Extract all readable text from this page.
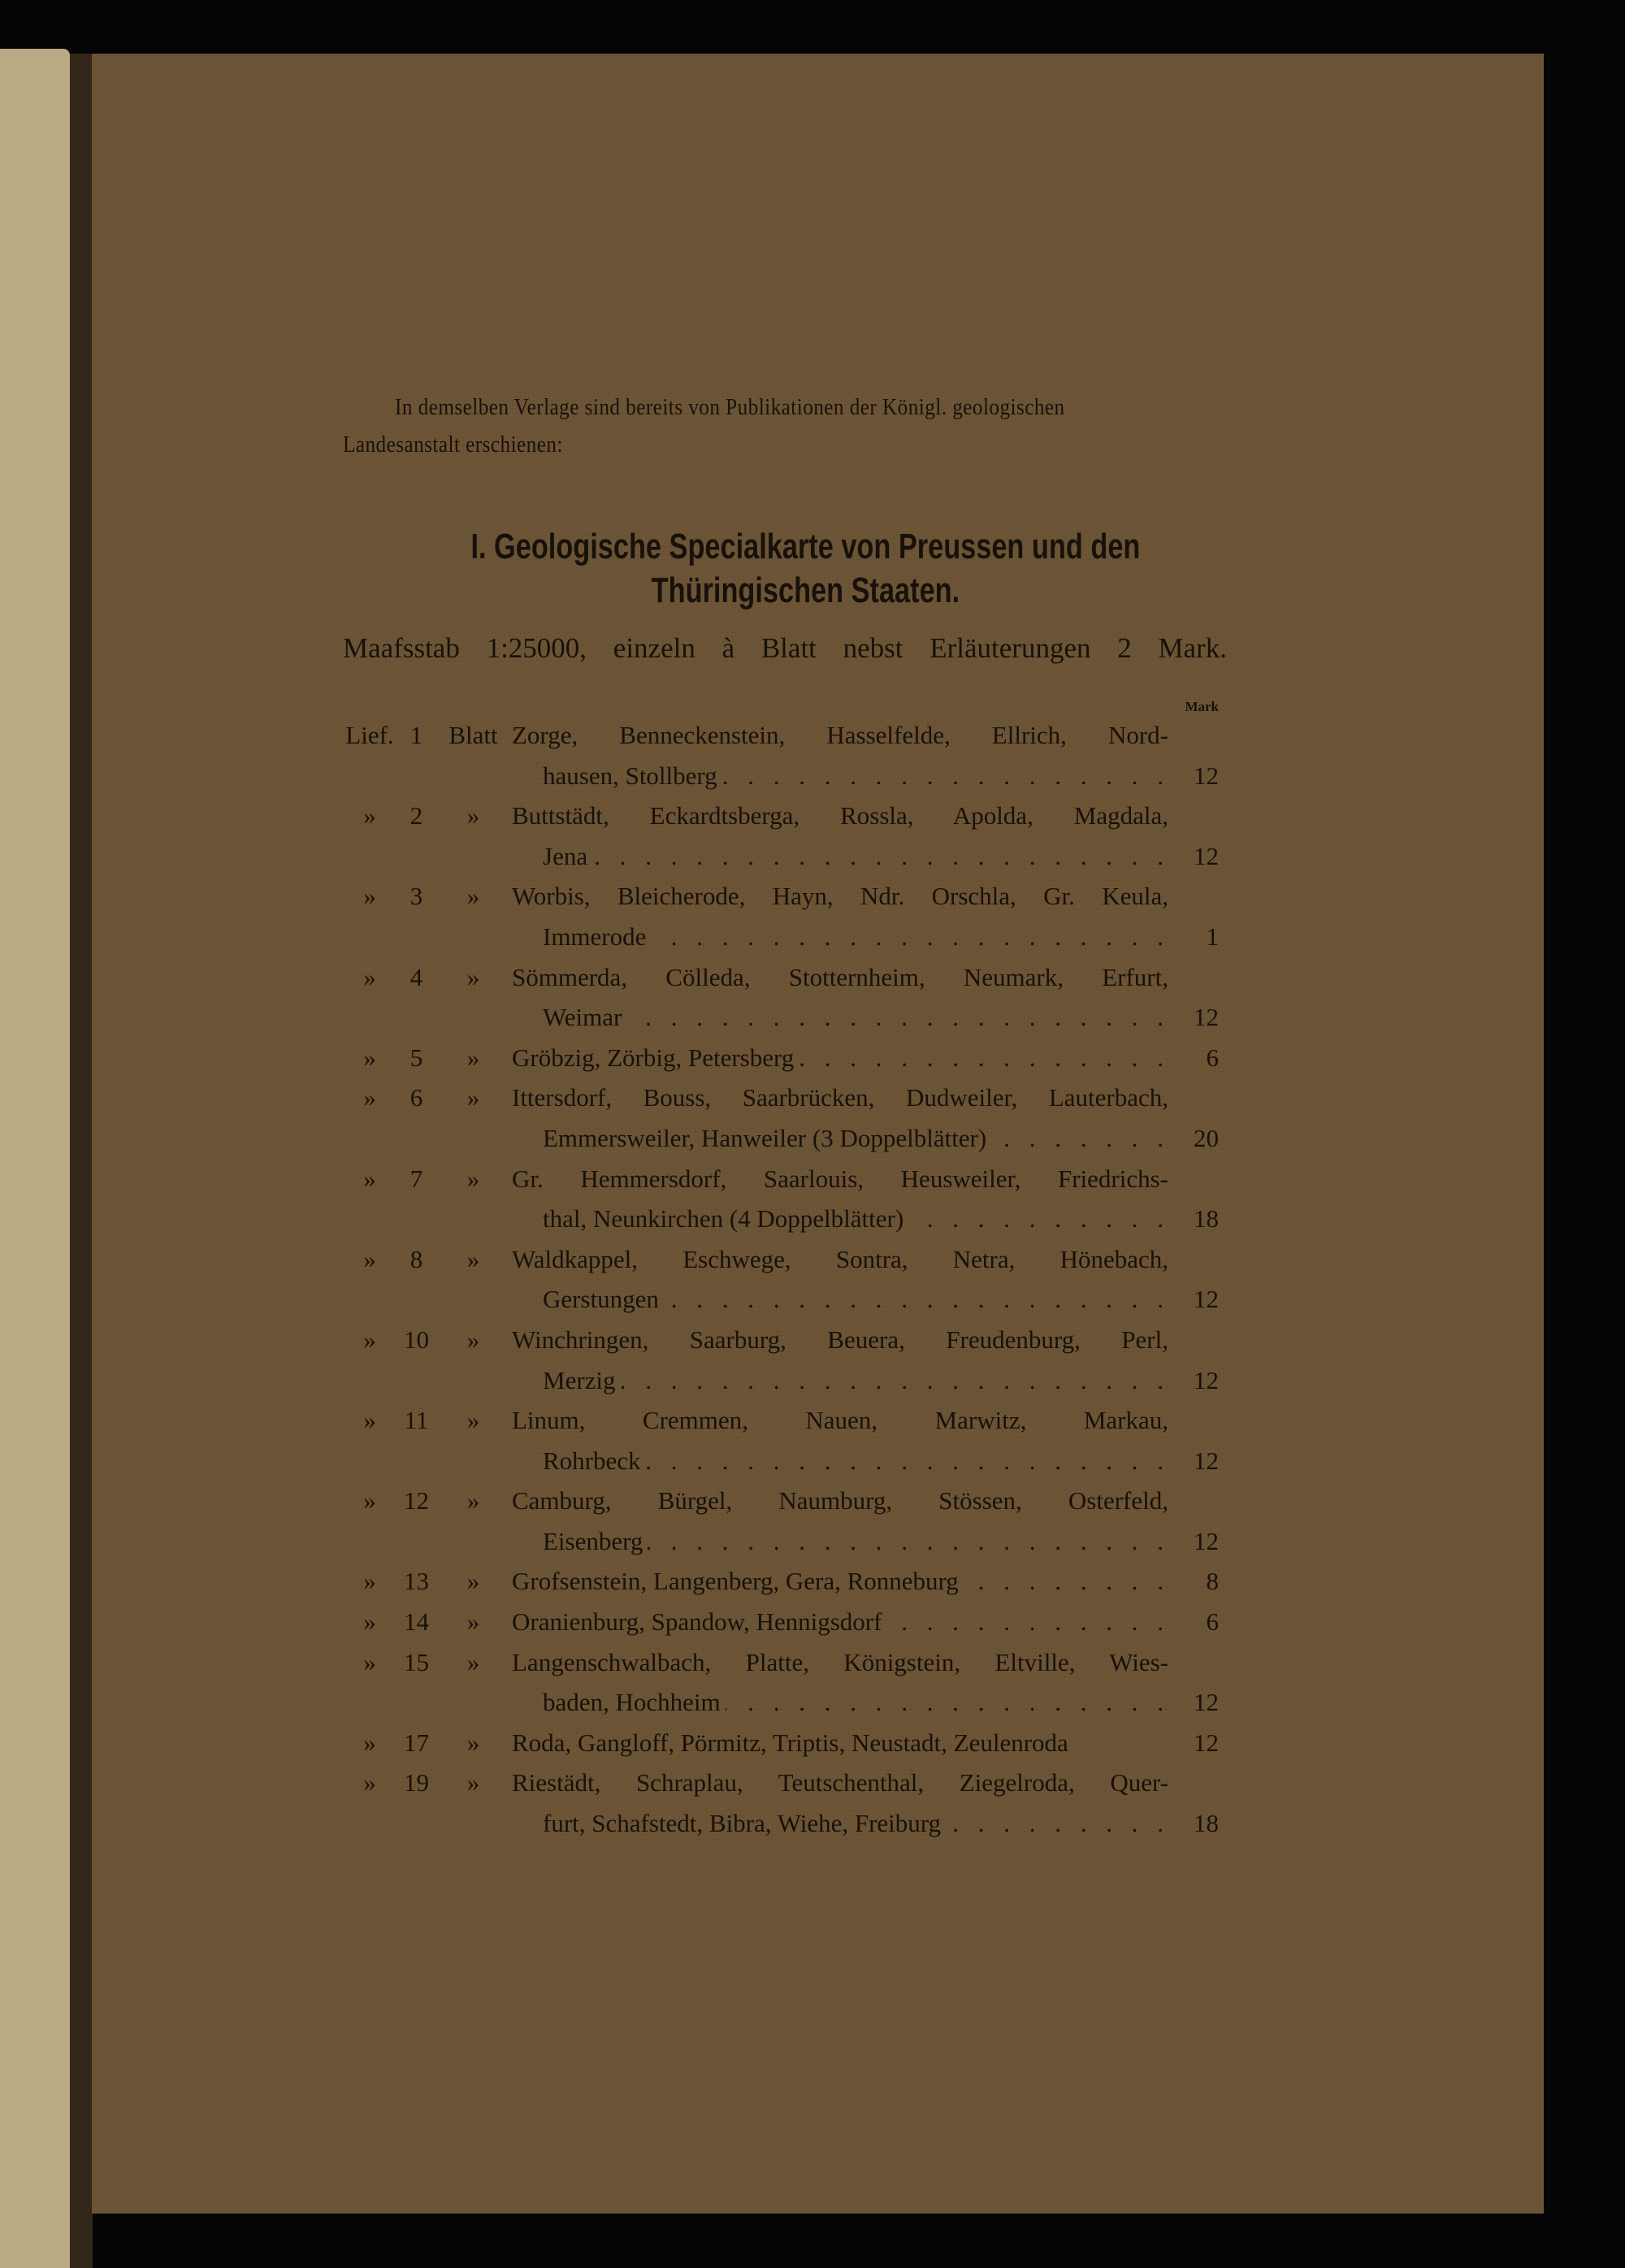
In demselben Verlage sind bereits von Publikationen der Königl. geologischen
Landesanstalt erschienen:
I. Geologische Specialkarte von Preussen und den
Thüringischen Staaten.
Maafsstab 1:25000, einzeln à Blatt nebst Erläuterungen 2 Mark.
Mark
Lief. 1	Blatt Zorge, Benneckenstein, Hasselfelde, Ellrich, Nord-
hausen, Stollberg . . .	12
»	2	»	Buttstädt, Eckardtsberga, Rossla, Apolda, Magdala,
Jena . . .	12
»	3	»	Worbis, Bleicherode, Hayn, Ndr. Orschla, Gr. Keula,
Immerode . . .	1
»	4	»	Sömmerda, Cölleda, Stotternheim, Neumark, Erfurt,
Weimar . . .	12
»	5	»	Gröbzig, Zörbig, Petersberg . . .	6
»	6	»	Ittersdorf, Bouss, Saarbrücken, Dudweiler, Lauterbach,
Emmersweiler, Hanweiler (3 Doppelblätter) . . .	20
»	7	»	Gr. Hemmersdorf, Saarlouis, Heusweiler, Friedrichs-
thal, Neunkirchen (4 Doppelblätter) . . .	18
»	8	»	Waldkappel, Eschwege, Sontra, Netra, Hönebach,
Gerstungen . . .	12
»	10	»	Winchringen, Saarburg, Beuera, Freudenburg, Perl,
Merzig . . .	12
»	11	»	Linum, Cremmen, Nauen, Marwitz, Markau,
Rohrbeck . . .	12
»	12	»	Camburg, Bürgel, Naumburg, Stössen, Osterfeld,
Eisenberg . . .	12
»	13	»	Grofsenstein, Langenberg, Gera, Ronneburg . . .	8
»	14	»	Oranienburg, Spandow, Hennigsdorf . . .	6
»	15	»	Langenschwalbach, Platte, Königstein, Eltville, Wies-
baden, Hochheim . . .	12
»	17	»	Roda, Gangloff, Pörmitz, Triptis, Neustadt, Zeulenroda	12
»	19	»	Riestädt, Schraplau, Teutschenthal, Ziegelroda, Quer-
furt, Schafstedt, Bibra, Wiehe, Freiburg . . .	18
